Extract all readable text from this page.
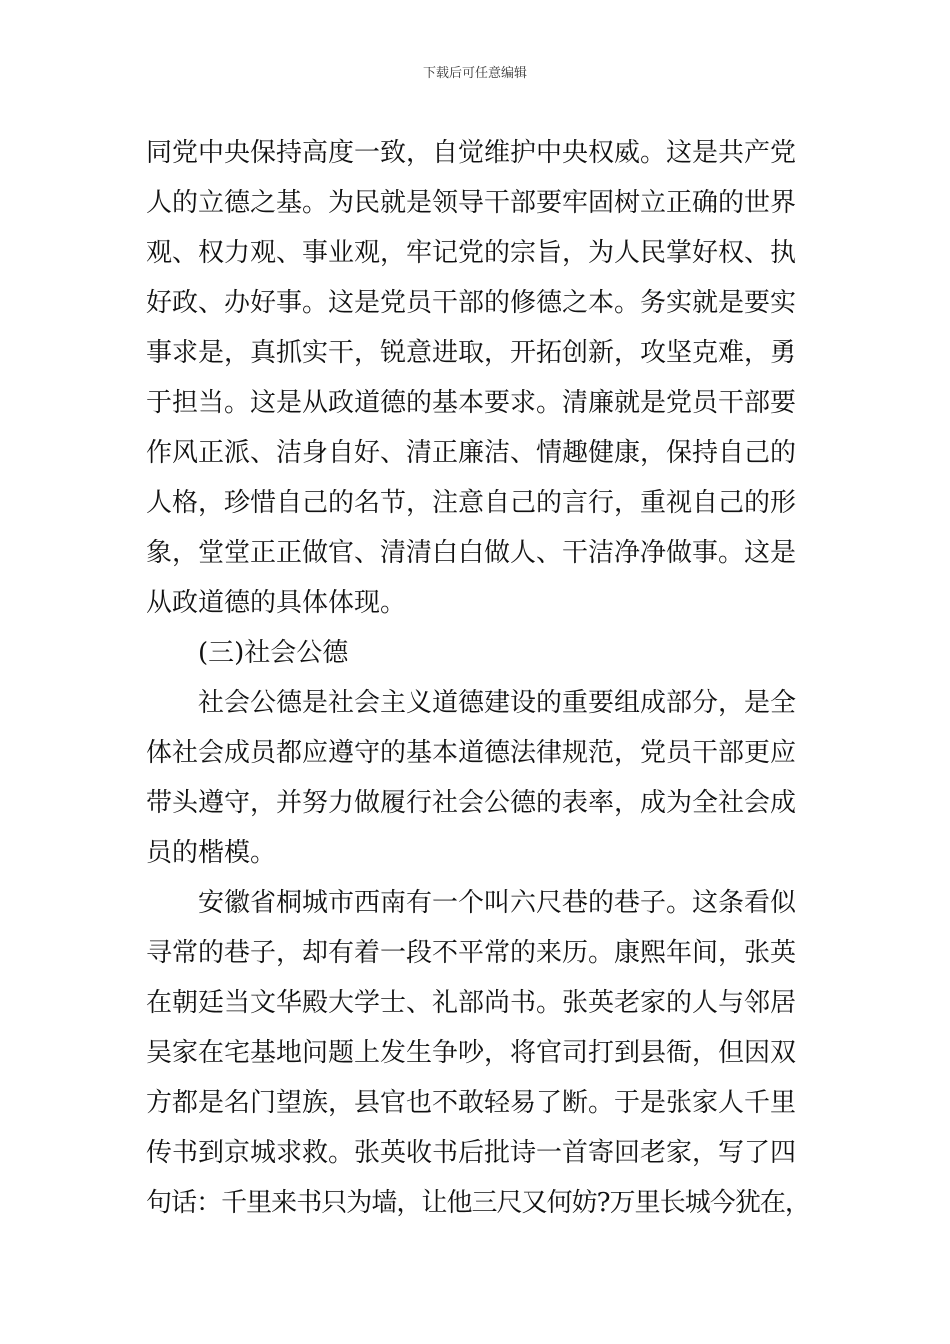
下载后可任意编辑
同党中央保持高度一致，自觉维护中央权威。这是共产党
人的立德之基。为民就是领导干部要牢固树立正确的世界
观、权力观、事业观，牢记党的宗旨，为人民掌好权、执
好政、办好事。这是党员干部的修德之本。务实就是要实
事求是，真抓实干，锐意进取，开拓创新，攻坚克难，勇
于担当。这是从政道德的基本要求。清廉就是党员干部要
作风正派、洁身自好、清正廉洁、情趣健康，保持自己的
人格，珍惜自己的名节，注意自己的言行，重视自己的形
象，堂堂正正做官、清清白白做人、干洁净净做事。这是
从政道德的具体体现。
(三)社会公德
社会公德是社会主义道德建设的重要组成部分，是全
体社会成员都应遵守的基本道德法律规范，党员干部更应
带头遵守，并努力做履行社会公德的表率，成为全社会成
员的楷模。
安徽省桐城市西南有一个叫六尺巷的巷子。这条看似
寻常的巷子，却有着一段不平常的来历。康熙年间，张英
在朝廷当文华殿大学士、礼部尚书。张英老家的人与邻居
吴家在宅基地问题上发生争吵，将官司打到县衙，但因双
方都是名门望族，县官也不敢轻易了断。于是张家人千里
传书到京城求救。张英收书后批诗一首寄回老家，写了四
句话：千里来书只为墙，让他三尺又何妨?万里长城今犹在，
